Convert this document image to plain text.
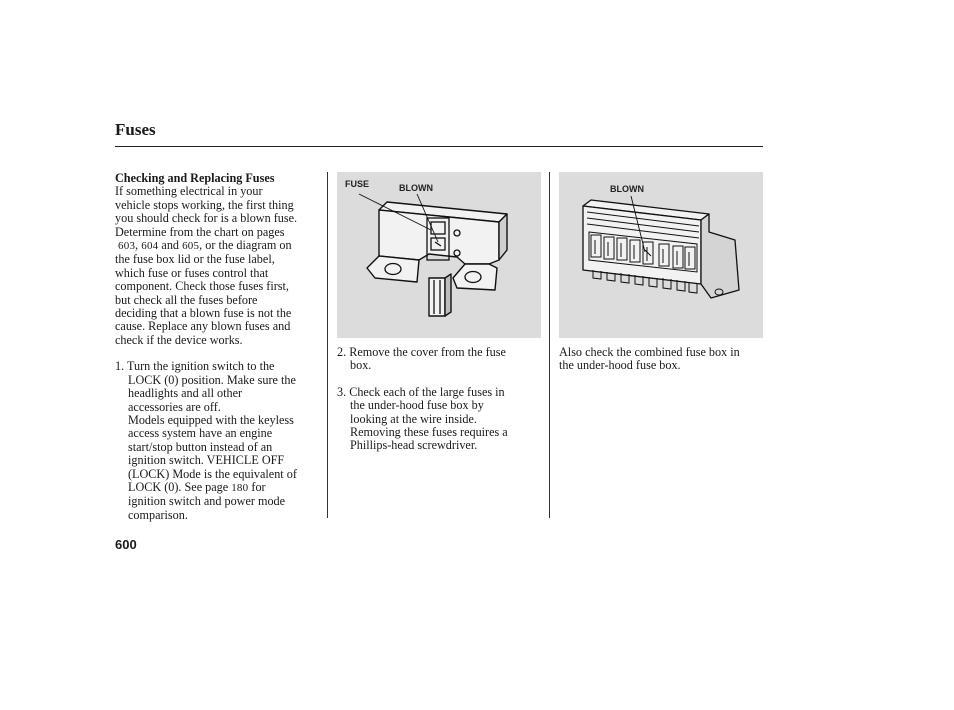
Fuses

Checking and Replacing Fuses

If something electrical in your

vehicle stops working, the first thing

you should check for is a blown fuse.

Determine from the chart on pages

603, 604 and 605, or the diagram on

the fuse box lid or the fuse label,

which fuse or fuses control that

component. Check those fuses first,

but check all the fuses before

deciding that a blown fuse is not the

cause. Replace any blown fuses and

check if the device works.

1. Turn the ignition switch to the

LOCK (0) position. Make sure the

headlights and all other

accessories are off.

Models equipped with the keyless

access system have an engine

start/stop button instead of an

ignition switch. VEHICLE OFF

(LOCK) Mode is the equivalent of

LOCK (0). See page 180 for

ignition switch and power mode

comparison.

FUSE	BLOWN

2. Remove the cover from the fuse

box.

3. Check each of the large fuses in

the under-hood fuse box by

looking at the wire inside.

Removing these fuses requires a

Phillips-head screwdriver.

BLOWN

Also check the combined fuse box in

the under-hood fuse box.

600
